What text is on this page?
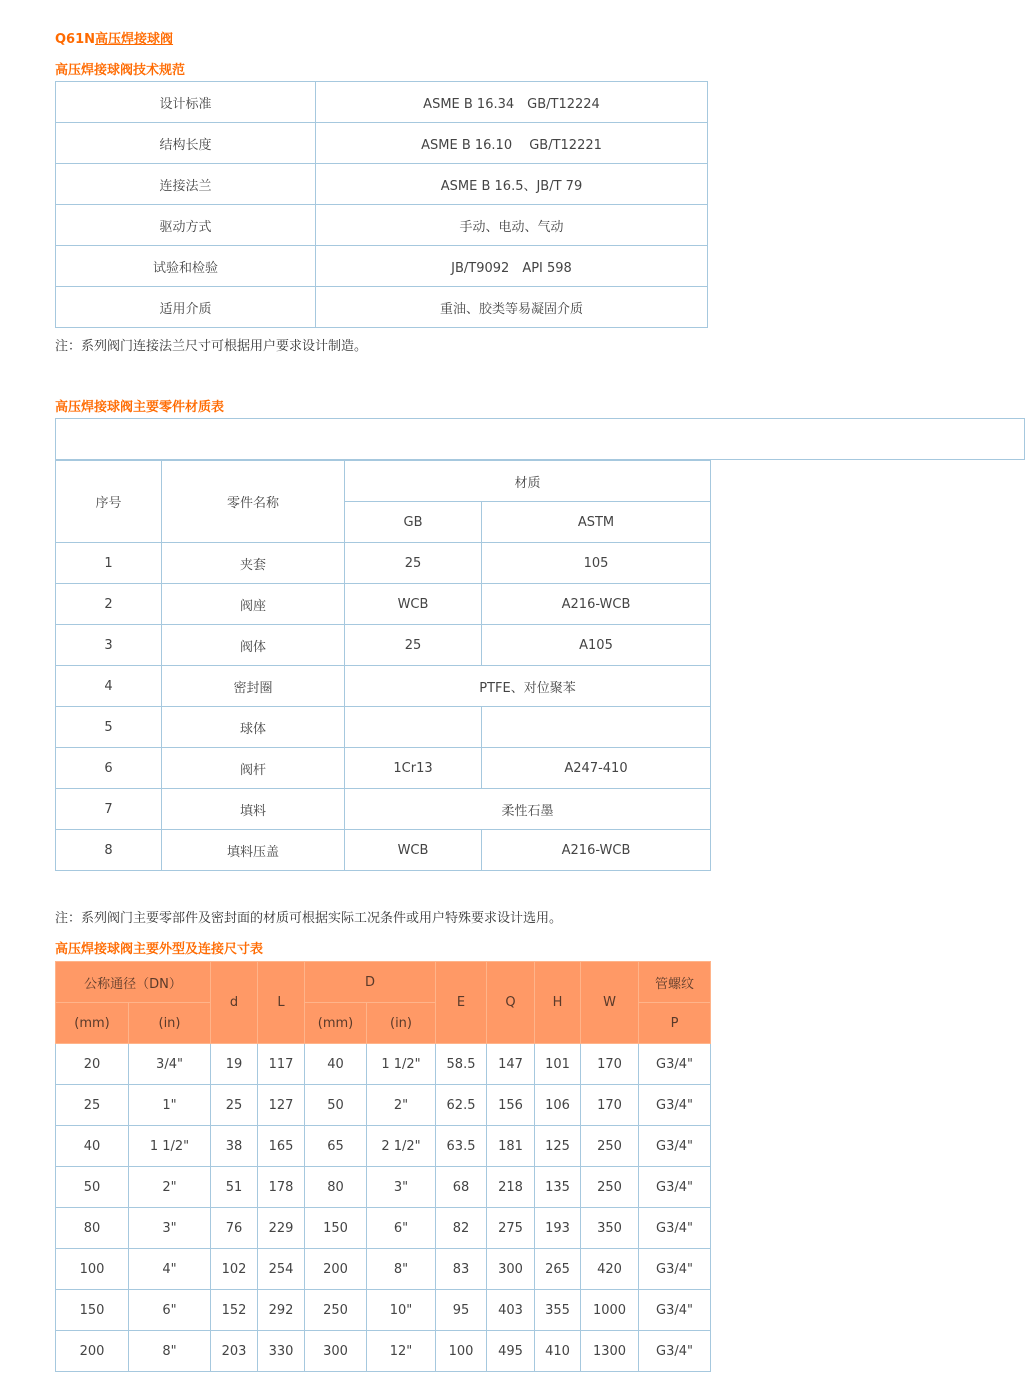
Q61N高压焊接球阀
高压焊接球阀技术规范
设计标准	ASME B 16.34　GB/T12224
结构长度	ASME B 16.10　 GB/T12221
连接法兰	ASME B 16.5、JB/T 79
驱动方式	手动、电动、气动
试验和检验	JB/T9092　API 598
适用介质	重油、胶类等易凝固介质
注：系列阀门连接法兰尺寸可根据用户要求设计制造。
高压焊接球阀主要零件材质表
序号	零件名称	材质	
		GB	ASTM
1	夹套	25	105
2	阀座	WCB	A216-WCB
3	阀体	25	A105
4	密封圈	PTFE、对位聚苯	
5	球体		
6	阀杆	1Cr13	A247-410
7	填料	柔性石墨	
8	填料压盖	WCB	A216-WCB
注：系列阀门主要零部件及密封面的材质可根据实际工况条件或用户特殊要求设计选用。
高压焊接球阀主要外型及连接尺寸表
公称通径（DN）		d	L	D		E	Q	H	W	管螺纹
(mm)	(in)			(mm)	(in)					P
20	3/4"	19	117	40	1 1/2"	58.5	147	101	170	G3/4"
25	1"	25	127	50	2"	62.5	156	106	170	G3/4"
40	1 1/2"	38	165	65	2 1/2"	63.5	181	125	250	G3/4"
50	2"	51	178	80	3"	68	218	135	250	G3/4"
80	3"	76	229	150	6"	82	275	193	350	G3/4"
100	4"	102	254	200	8"	83	300	265	420	G3/4"
150	6"	152	292	250	10"	95	403	355	1000	G3/4"
200	8"	203	330	300	12"	100	495	410	1300	G3/4"
